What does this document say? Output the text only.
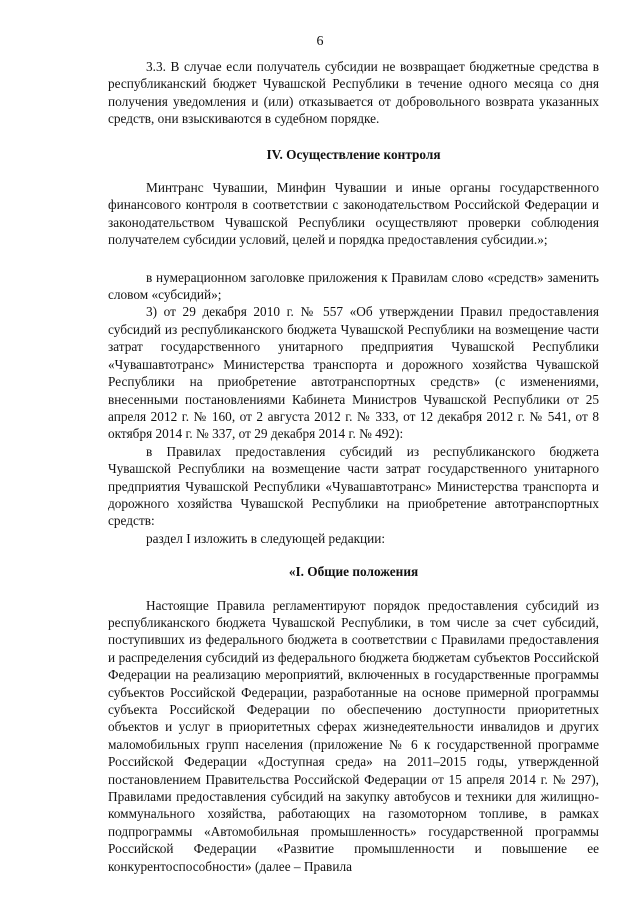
6

3.3. В случае если получатель субсидии не возвращает бюджетные средства в республиканский бюджет Чувашской Республики в течение одного месяца со дня получения уведомления и (или) отказывается от добровольного возврата указанных средств, они взыскиваются в судебном порядке.

IV. Осуществление контроля

Минтранс Чувашии, Минфин Чувашии и иные органы государственного финансового контроля в соответствии с законодательством Российской Федерации и законодательством Чувашской Республики осуществляют проверки соблюдения получателем субсидии условий, целей и порядка предоставления субсидии.»;

в нумерационном заголовке приложения к Правилам слово «средств» заменить словом «субсидий»;

3) от 29 декабря 2010 г. № 557 «Об утверждении Правил предоставления субсидий из республиканского бюджета Чувашской Республики на возмещение части затрат государственного унитарного предприятия Чувашской Республики «Чувашавтотранс» Министерства транспорта и дорожного хозяйства Чувашской Республики на приобретение автотранспортных средств» (с изменениями, внесенными постановлениями Кабинета Министров Чувашской Республики от 25 апреля 2012 г. № 160, от 2 августа 2012 г. № 333, от 12 декабря 2012 г. № 541, от 8 октября 2014 г. № 337, от 29 декабря 2014 г. № 492):

в Правилах предоставления субсидий из республиканского бюджета Чувашской Республики на возмещение части затрат государственного унитарного предприятия Чувашской Республики «Чувашавтотранс» Министерства транспорта и дорожного хозяйства Чувашской Республики на приобретение автотранспортных средств:

раздел I изложить в следующей редакции:

«I. Общие положения

Настоящие Правила регламентируют порядок предоставления субсидий из республиканского бюджета Чувашской Республики, в том числе за счет субсидий, поступивших из федерального бюджета в соответствии с Правилами предоставления и распределения субсидий из федерального бюджета бюджетам субъектов Российской Федерации на реализацию мероприятий, включенных в государственные программы субъектов Российской Федерации, разработанные на основе примерной программы субъекта Российской Федерации по обеспечению доступности приоритетных объектов и услуг в приоритетных сферах жизнедеятельности инвалидов и других маломобильных групп населения (приложение № 6 к государственной программе Российской Федерации «Доступная среда» на 2011–2015 годы, утвержденной постановлением Правительства Российской Федерации от 15 апреля 2014 г. № 297), Правилами предоставления субсидий на закупку автобусов и техники для жилищно-коммунального хозяйства, работающих на газомоторном топливе, в рамках подпрограммы «Автомобильная промышленность» государственной программы Российской Федерации «Развитие промышленности и повышение ее конкурентоспособности» (далее – Правила
